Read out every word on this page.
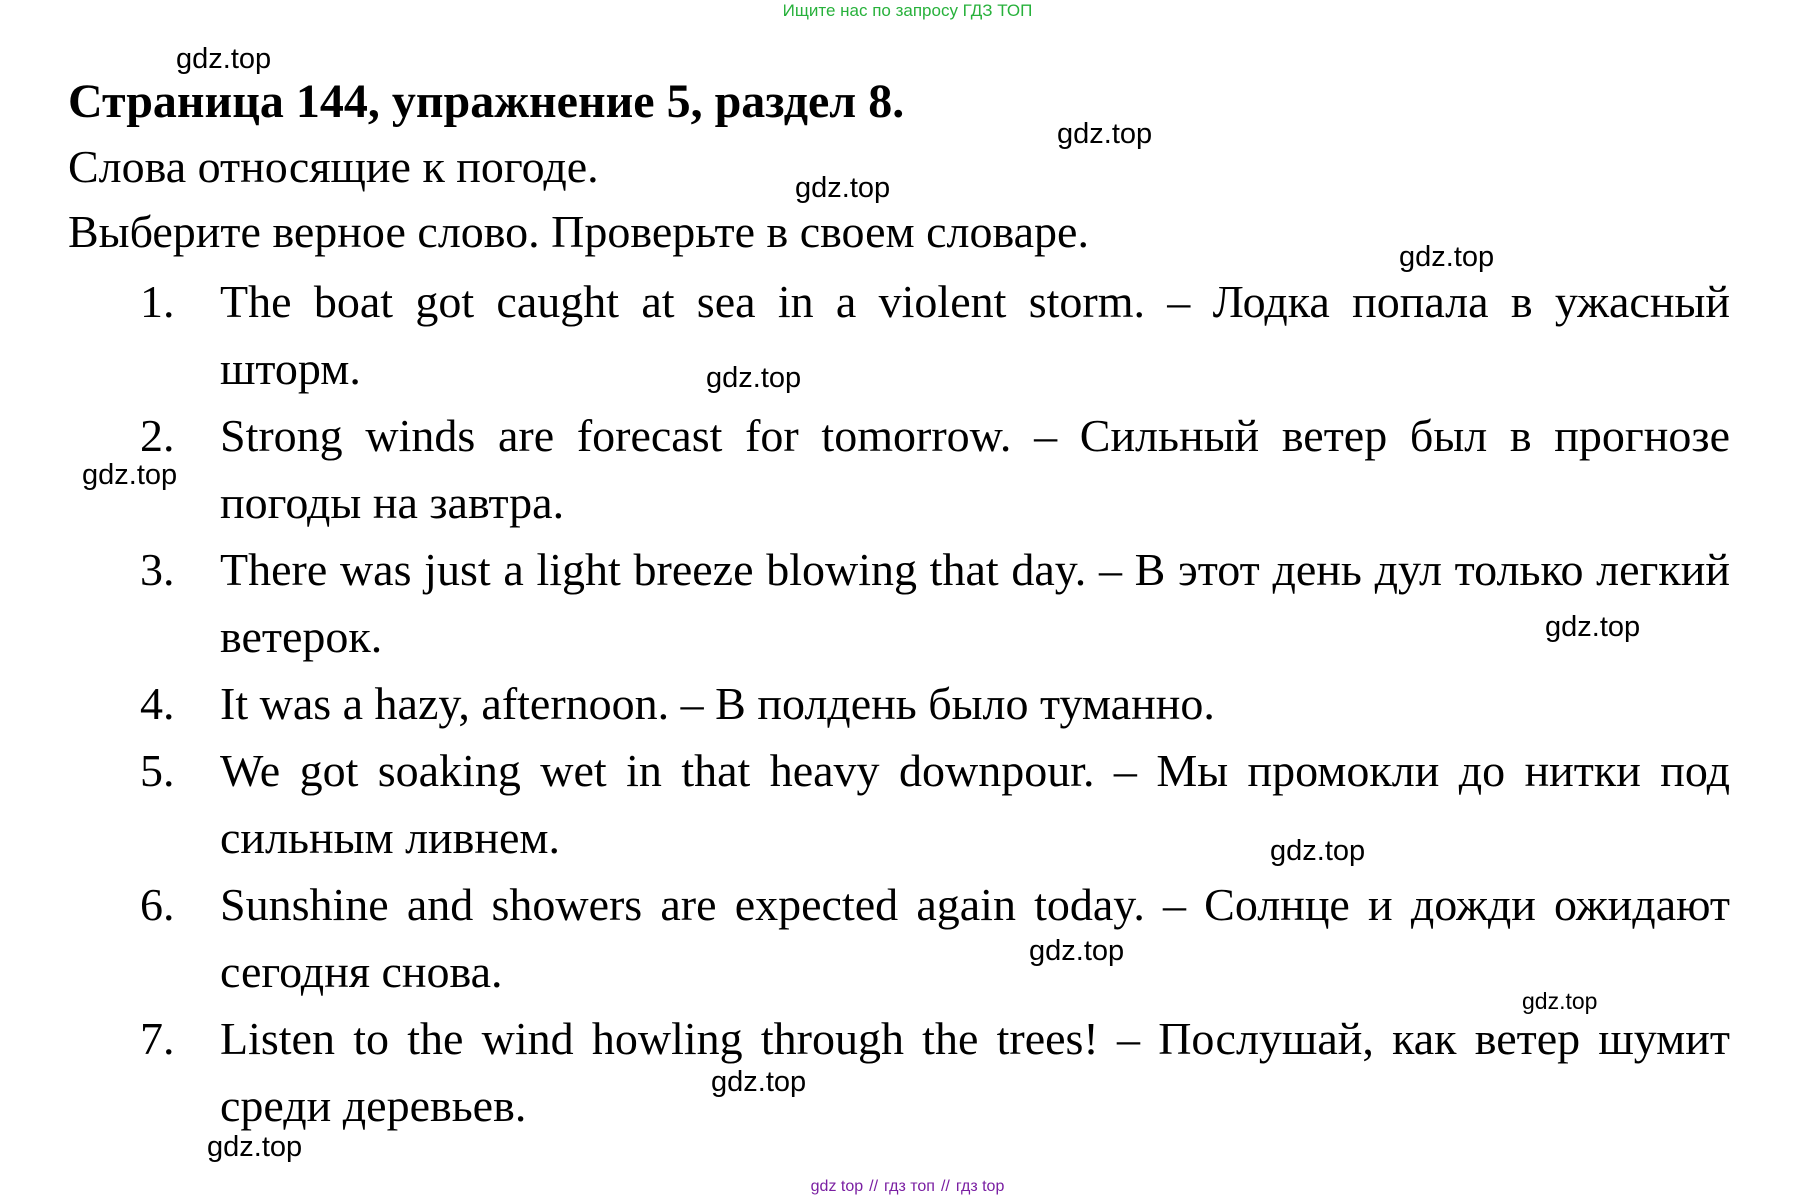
Ищите нас по запросу ГДЗ ТОП
Страница 144, упражнение 5, раздел 8.
Слова относящие к погоде.
Выберите верное слово. Проверьте в своем словаре.
1. The boat got caught at sea in a violent storm. – Лодка попала в ужасный шторм.
2. Strong winds are forecast for tomorrow. – Сильный ветер был в прогнозе погоды на завтра.
3. There was just a light breeze blowing that day. – В этот день дул только легкий ветерок.
4. It was a hazy, afternoon. – В полдень было туманно.
5. We got soaking wet in that heavy downpour. – Мы промокли до нитки под сильным ливнем.
6. Sunshine and showers are expected again today. – Солнце и дожди ожидают сегодня снова.
7. Listen to the wind howling through the trees! – Послушай, как ветер шумит среди деревьев.
gdz.top
gdz.top
gdz.top
gdz.top
gdz.top
gdz.top
gdz.top
gdz.top
gdz.top
gdz.top
gdz.top
gdz.top
gdz top // гдз топ // гдз top
